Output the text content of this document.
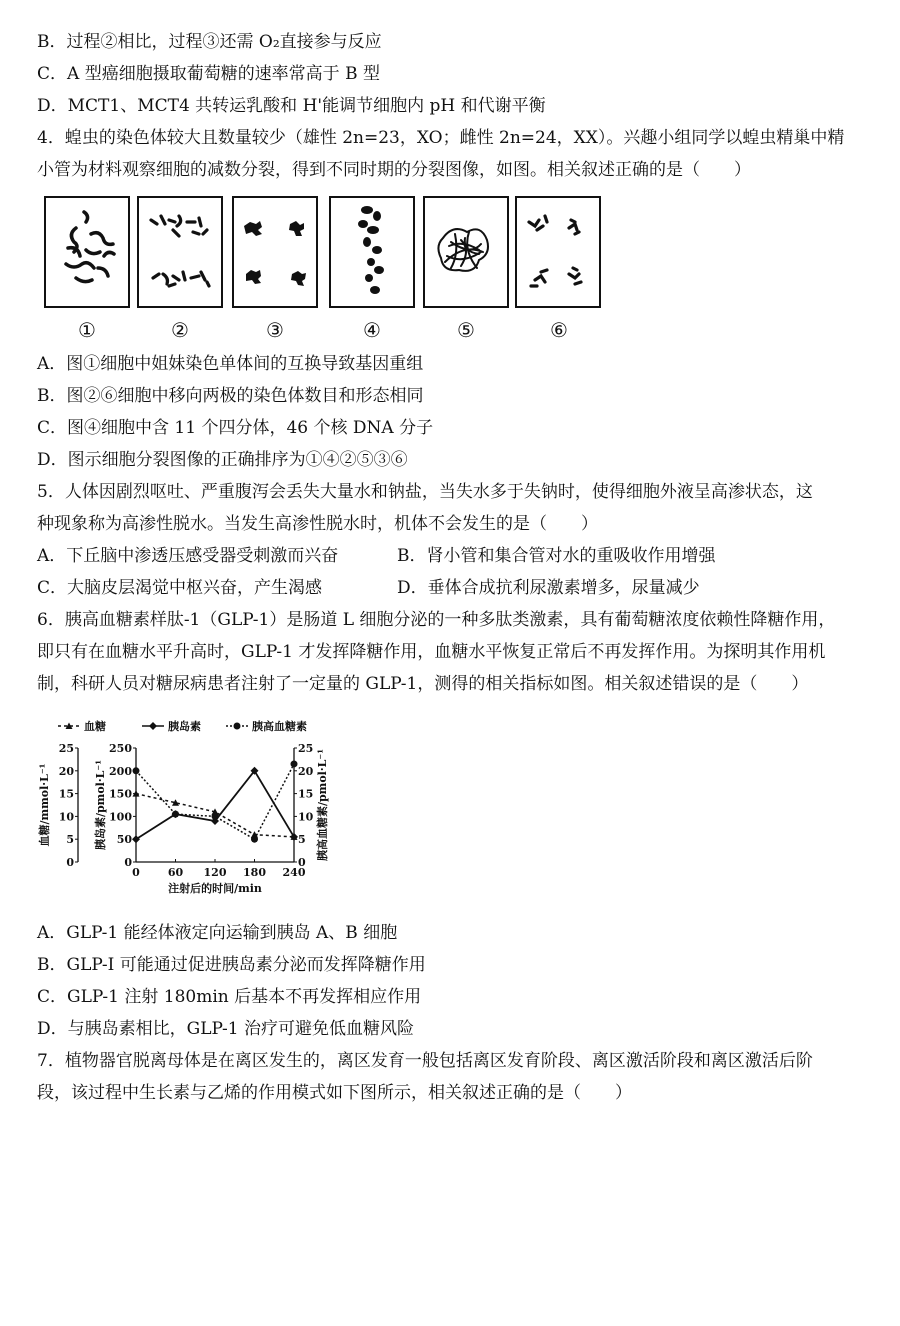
B．过程②相比，过程③还需 O₂直接参与反应
C．A 型癌细胞摄取葡萄糖的速率常高于 B 型
D．MCT1、MCT4 共转运乳酸和 H'能调节细胞内 pH 和代谢平衡
4．蝗虫的染色体较大且数量较少（雄性 2n=23，XO；雌性 2n=24，XX）。兴趣小组同学以蝗虫精巢中精
小管为材料观察细胞的减数分裂，得到不同时期的分裂图像，如图。相关叙述正确的是（　　）
①	②	③	④	⑤	⑥
A．图①细胞中姐妹染色单体间的互换导致基因重组
B．图②⑥细胞中移向两极的染色体数目和形态相同
C．图④细胞中含 11 个四分体，46 个核 DNA 分子
D．图示细胞分裂图像的正确排序为①④②⑤③⑥
5．人体因剧烈呕吐、严重腹泻会丢失大量水和钠盐，当失水多于失钠时，使得细胞外液呈高渗状态，这
种现象称为高渗性脱水。当发生高渗性脱水时，机体不会发生的是（　　）
A．下丘脑中渗透压感受器受刺激而兴奋	B．肾小管和集合管对水的重吸收作用增强
C．大脑皮层渴觉中枢兴奋，产生渴感	D．垂体合成抗利尿激素增多，尿量减少
6．胰高血糖素样肽-1（GLP-1）是肠道 L 细胞分泌的一种多肽类激素，具有葡萄糖浓度依赖性降糖作用，
即只有在血糖水平升高时，GLP-1 才发挥降糖作用，血糖水平恢复正常后不再发挥作用。为探明其作用机
制，科研人员对糖尿病患者注射了一定量的 GLP-1，测得的相关指标如图。相关叙述错误的是（　　）
血糖	胰岛素	胰高血糖素
0
5
10
15
20
25
0
50
100
150
200
250
0
5
10
15
20
25
0	60 120 180 240
注射后的时间/min
血糖/mmol·L⁻¹	胰岛素/pmol·L⁻¹	胰高血糖素/pmol·L⁻¹
A．GLP-1 能经体液定向运输到胰岛 A、B 细胞
B．GLP-I 可能通过促进胰岛素分泌而发挥降糖作用
C．GLP-1 注射 180min 后基本不再发挥相应作用
D．与胰岛素相比，GLP-1 治疗可避免低血糖风险
7．植物器官脱离母体是在离区发生的，离区发育一般包括离区发育阶段、离区激活阶段和离区激活后阶
段，该过程中生长素与乙烯的作用模式如下图所示，相关叙述正确的是（　　）
